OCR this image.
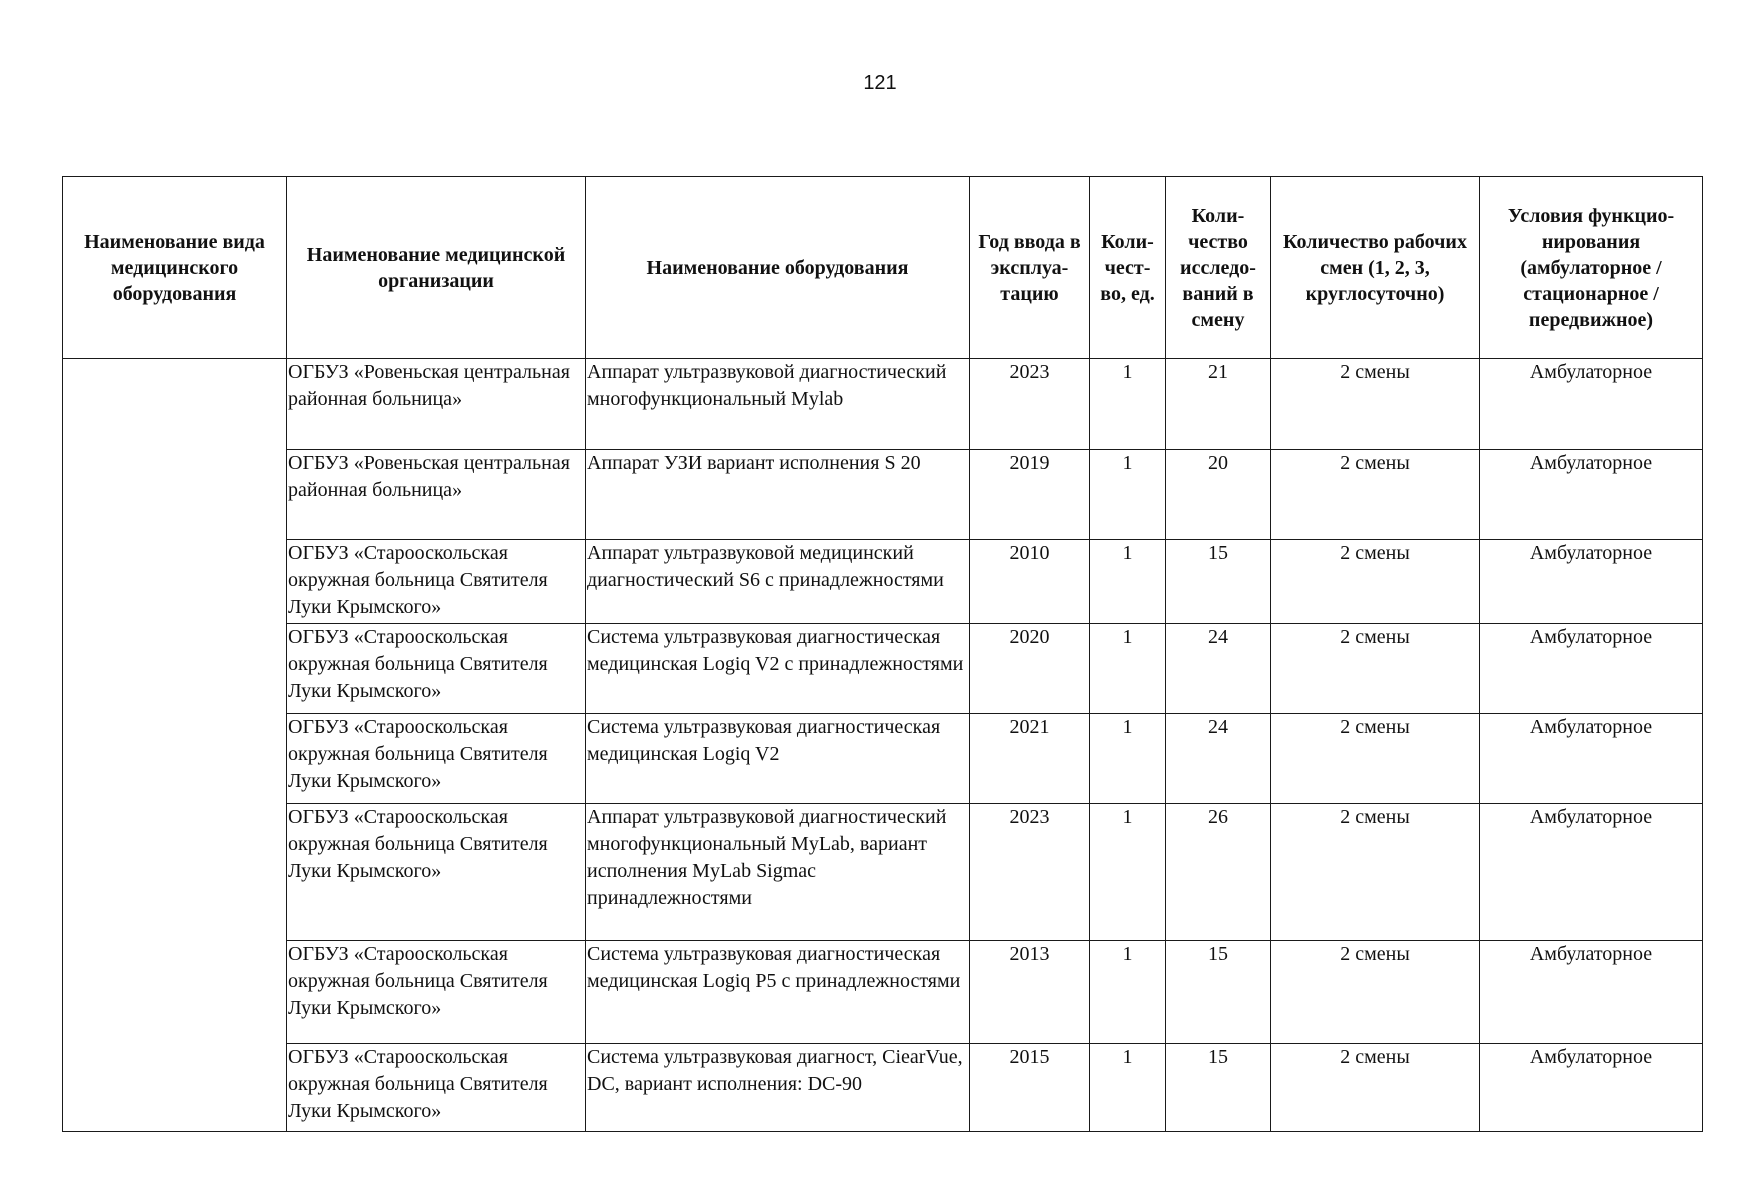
121
Наименование вида медицинского оборудования	Наименование медицинской организации	Наименование оборудования	Год ввода в эксплуа-тацию	Коли-чест-во, ед.	Коли-чество исследо-ваний в смену	Количество рабочих смен (1, 2, 3, круглосуточно)	Условия функцио-нирования (амбулаторное / стационарное / передвижное)
	ОГБУЗ «Ровеньская центральная районная больница»	Аппарат ультразвуковой диагностический многофункциональный Mylab	2023	1	21	2 смены	Амбулаторное
	ОГБУЗ «Ровеньская центральная районная больница»	Аппарат УЗИ вариант исполнения S 20	2019	1	20	2 смены	Амбулаторное
	ОГБУЗ «Старооскольская окружная больница Святителя Луки Крымского»	Аппарат ультразвуковой медицинский диагностический S6 с принадлежностями	2010	1	15	2 смены	Амбулаторное
	ОГБУЗ «Старооскольская окружная больница Святителя Луки Крымского»	Система ультразвуковая диагностическая медицинская Logiq V2 с принадлежностями	2020	1	24	2 смены	Амбулаторное
	ОГБУЗ «Старооскольская окружная больница Святителя Луки Крымского»	Система ультразвуковая диагностическая медицинская Logiq V2	2021	1	24	2 смены	Амбулаторное
	ОГБУЗ «Старооскольская окружная больница Святителя Луки Крымского»	Аппарат ультразвуковой диагностический многофункциональный MyLab, вариант исполнения MyLab Sigmac принадлежностями	2023	1	26	2 смены	Амбулаторное
	ОГБУЗ «Старооскольская окружная больница Святителя Луки Крымского»	Система ультразвуковая диагностическая медицинская Logiq P5 с принадлежностями	2013	1	15	2 смены	Амбулаторное
	ОГБУЗ «Старооскольская окружная больница Святителя Луки Крымского»	Система ультразвуковая диагност, CiearVue, DC, вариант исполнения: DC-90	2015	1	15	2 смены	Амбулаторное
